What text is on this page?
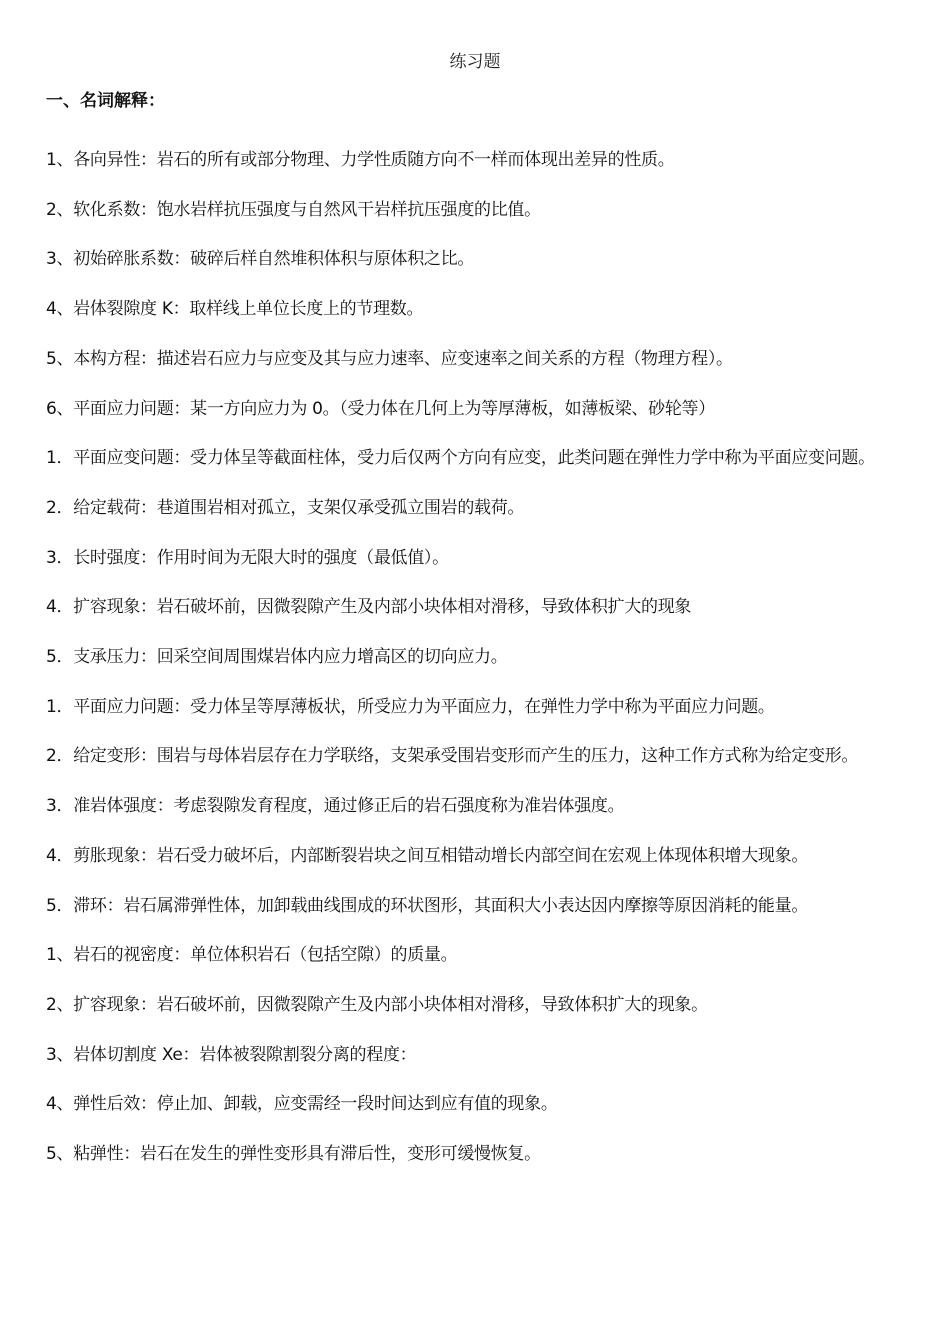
练习题
一、名词解释：

1、各向异性：岩石的所有或部分物理、力学性质随方向不一样而体现出差异的性质。

2、软化系数：饱水岩样抗压强度与自然风干岩样抗压强度的比值。

3、初始碎胀系数：破碎后样自然堆积体积与原体积之比。

4、岩体裂隙度 K：取样线上单位长度上的节理数。

5、本构方程：描述岩石应力与应变及其与应力速率、应变速率之间关系的方程（物理方程）。

6、平面应力问题：某一方向应力为 0。（受力体在几何上为等厚薄板，如薄板梁、砂轮等）

1．平面应变问题：受力体呈等截面柱体，受力后仅两个方向有应变，此类问题在弹性力学中称为平面应变问题。

2．给定载荷：巷道围岩相对孤立，支架仅承受孤立围岩的载荷。

3．长时强度：作用时间为无限大时的强度（最低值）。

4．扩容现象：岩石破坏前，因微裂隙产生及内部小块体相对滑移，导致体积扩大的现象

5．支承压力：回采空间周围煤岩体内应力增高区的切向应力。

1．平面应力问题：受力体呈等厚薄板状，所受应力为平面应力，在弹性力学中称为平面应力问题。

2．给定变形：围岩与母体岩层存在力学联络，支架承受围岩变形而产生的压力，这种工作方式称为给定变形。

3．准岩体强度：考虑裂隙发育程度，通过修正后的岩石强度称为准岩体强度。

4．剪胀现象：岩石受力破坏后，内部断裂岩块之间互相错动增长内部空间在宏观上体现体积增大现象。

5．滞环：岩石属滞弹性体，加卸载曲线围成的环状图形，其面积大小表达因内摩擦等原因消耗的能量。

1、岩石的视密度：单位体积岩石（包括空隙）的质量。

2、扩容现象：岩石破坏前，因微裂隙产生及内部小块体相对滑移，导致体积扩大的现象。

3、岩体切割度 Xe：岩体被裂隙割裂分离的程度：

4、弹性后效：停止加、卸载，应变需经一段时间达到应有值的现象。

5、粘弹性：岩石在发生的弹性变形具有滞后性，变形可缓慢恢复。
